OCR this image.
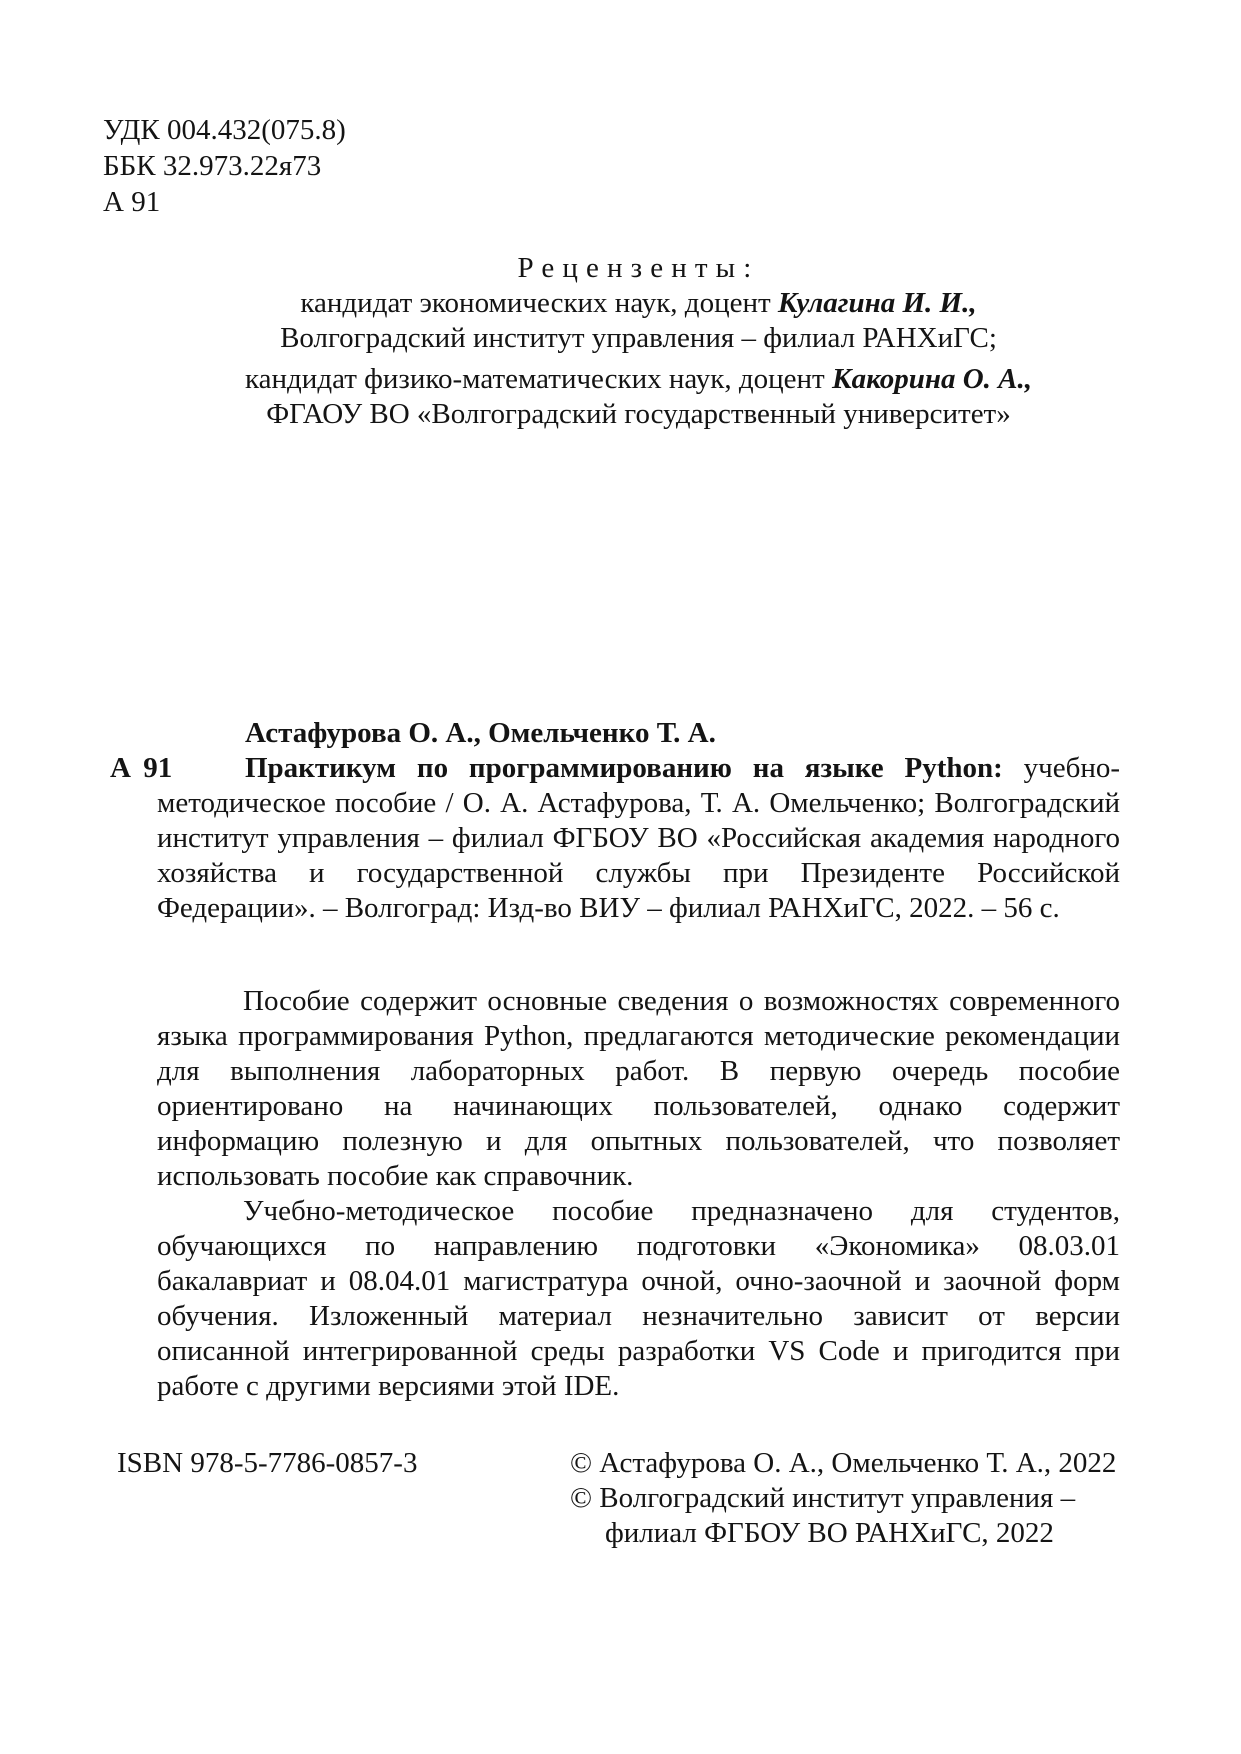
УДК 004.432(075.8)
ББК 32.973.22я73
А 91
Рецензенты:
кандидат экономических наук, доцент Кулагина И. И.,
Волгоградский институт управления – филиал РАНХиГС;
кандидат физико-математических наук, доцент Какорина О. А.,
ФГАОУ ВО «Волгоградский государственный университет»
А 91
Астафурова О. А., Омельченко Т. А.
Практикум по программированию на языке Python: учебно-
методическое пособие / О. А. Астафурова, Т. А. Омельченко; Волгоградский
институт управления – филиал ФГБОУ ВО «Российская академия народного
хозяйства и государственной службы при Президенте Российской
Федерации». – Волгоград: Изд-во ВИУ – филиал РАНХиГС, 2022. – 56 с.
Пособие содержит основные сведения о возможностях современного
языка программирования Python, предлагаются методические рекомендации
для выполнения лабораторных работ. В первую очередь пособие
ориентировано на начинающих пользователей, однако содержит
информацию полезную и для опытных пользователей, что позволяет
использовать пособие как справочник.
Учебно-методическое пособие предназначено для студентов,
обучающихся по направлению подготовки «Экономика» 08.03.01
бакалавриат и 08.04.01 магистратура очной, очно-заочной и заочной форм
обучения. Изложенный материал незначительно зависит от версии
описанной интегрированной среды разработки VS Code и пригодится при
работе с другими версиями этой IDE.
ISBN 978-5-7786-0857-3	© Астафурова О. А., Омельченко Т. А., 2022
© Волгоградский институт управления –
филиал ФГБОУ ВО РАНХиГС, 2022
